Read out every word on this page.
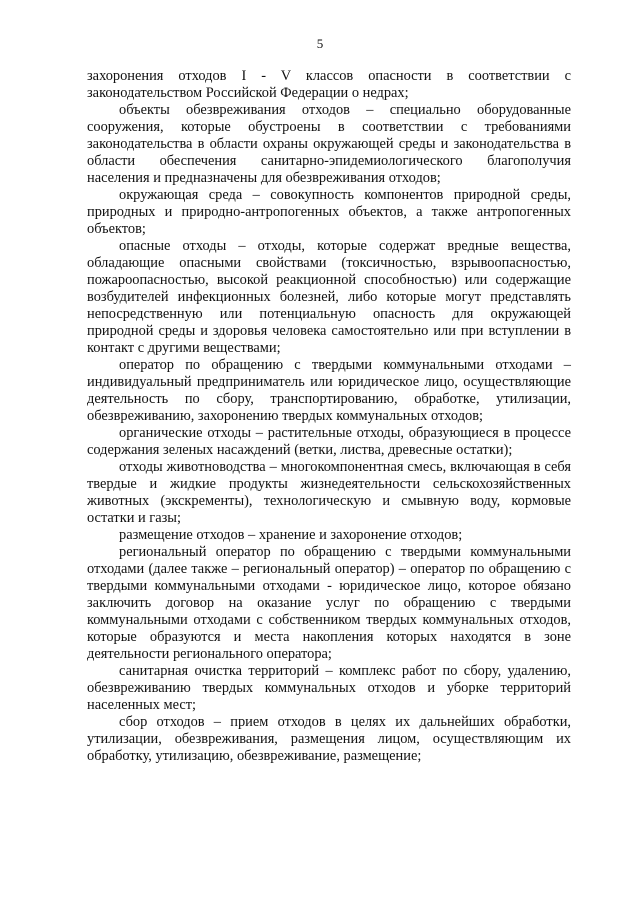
5

захоронения отходов I - V классов опасности в соответствии с законодательством Российской Федерации о недрах;

объекты обезвреживания отходов – специально оборудованные сооружения, которые обустроены в соответствии с требованиями законодательства в области охраны окружающей среды и законодательства в области обеспечения санитарно-эпидемиологического благополучия населения и предназначены для обезвреживания отходов;

окружающая среда – совокупность компонентов природной среды, природных и природно-антропогенных объектов, а также антропогенных объектов;

опасные отходы – отходы, которые содержат вредные вещества, обладающие опасными свойствами (токсичностью, взрывоопасностью, пожароопасностью, высокой реакционной способностью) или содержащие возбудителей инфекционных болезней, либо которые могут представлять непосредственную или потенциальную опасность для окружающей природной среды и здоровья человека самостоятельно или при вступлении в контакт с другими веществами;

оператор по обращению с твердыми коммунальными отходами – индивидуальный предприниматель или юридическое лицо, осуществляющие деятельность по сбору, транспортированию, обработке, утилизации, обезвреживанию, захоронению твердых коммунальных отходов;

органические отходы – растительные отходы, образующиеся в процессе содержания зеленых насаждений (ветки, листва, древесные остатки);

отходы животноводства – многокомпонентная смесь, включающая в себя твердые и жидкие продукты жизнедеятельности сельскохозяйственных животных (экскременты), технологическую и смывную воду, кормовые остатки и газы;

размещение отходов – хранение и захоронение отходов;

региональный оператор по обращению с твердыми коммунальными отходами (далее также – региональный оператор) – оператор по обращению с твердыми коммунальными отходами - юридическое лицо, которое обязано заключить договор на оказание услуг по обращению с твердыми коммунальными отходами с собственником твердых коммунальных отходов, которые образуются и места накопления которых находятся в зоне деятельности регионального оператора;

санитарная очистка территорий – комплекс работ по сбору, удалению, обезвреживанию твердых коммунальных отходов и уборке территорий населенных мест;

сбор отходов – прием отходов в целях их дальнейших обработки, утилизации, обезвреживания, размещения лицом, осуществляющим их обработку, утилизацию, обезвреживание, размещение;
